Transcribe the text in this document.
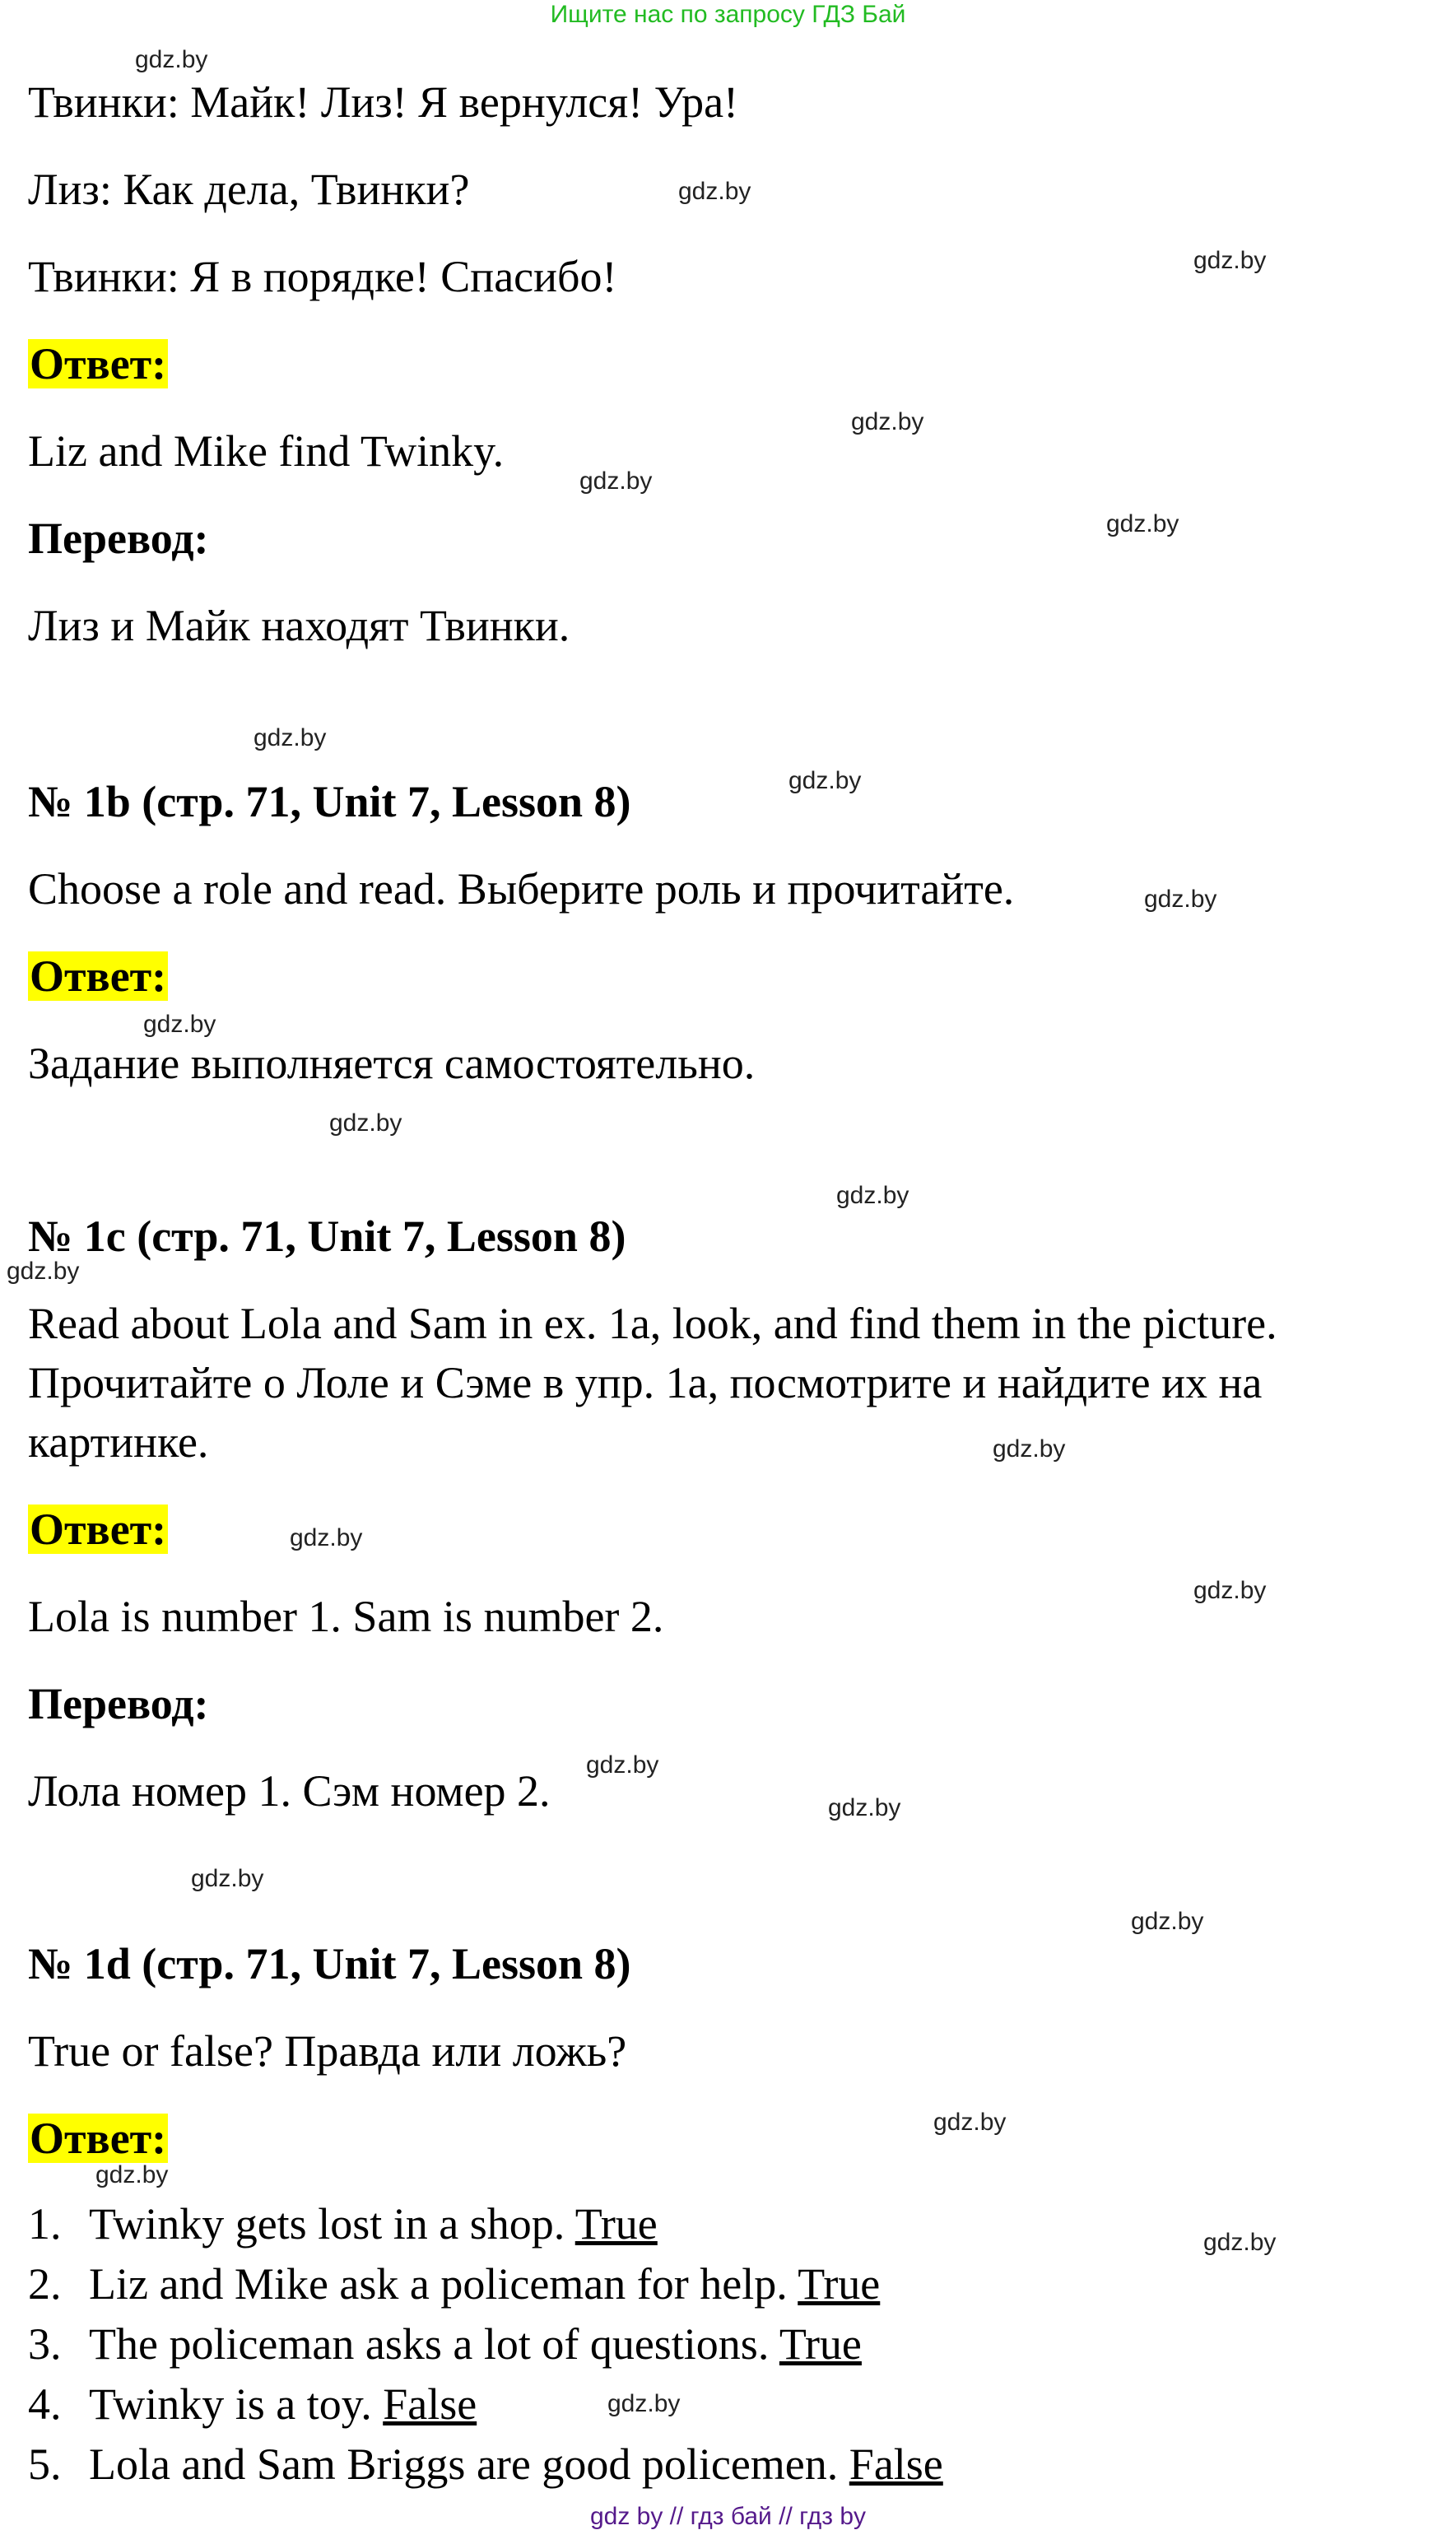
Ищите нас по запросу ГДЗ Бай
Твинки: Майк! Лиз! Я вернулся! Ура!
Лиз: Как дела, Твинки?
Твинки: Я в порядке! Спасибо!
Ответ:
Liz and Mike find Twinky.
Перевод:
Лиз и Майк находят Твинки.
№ 1b (стр. 71, Unit 7, Lesson 8)
Choose a role and read. Выберите роль и прочитайте.
Ответ:
Задание выполняется самостоятельно.
№ 1c (стр. 71, Unit 7, Lesson 8)
Read about Lola and Sam in ex. 1a, look, and find them in the picture.
Прочитайте о Лоле и Сэме в упр. 1а, посмотрите и найдите их на
картинке.
Ответ:
Lola is number 1. Sam is number 2.
Перевод:
Лола номер 1. Сэм номер 2.
№ 1d (стр. 71, Unit 7, Lesson 8)
True or false? Правда или ложь?
Ответ:
1. Twinky gets lost in a shop. True
2. Liz and Mike ask a policeman for help. True
3. The policeman asks a lot of questions. True
4. Twinky is a toy. False
5. Lola and Sam Briggs are good policemen. False
gdz.by
gdz.by
gdz.by
gdz.by
gdz.by
gdz.by
gdz.by
gdz.by
gdz.by
gdz.by
gdz.by
gdz.by
gdz.by
gdz.by
gdz.by
gdz.by
gdz.by
gdz.by
gdz.by
gdz.by
gdz.by
gdz.by
gdz.by
gdz.by
gdz by // гдз бай // гдз by
